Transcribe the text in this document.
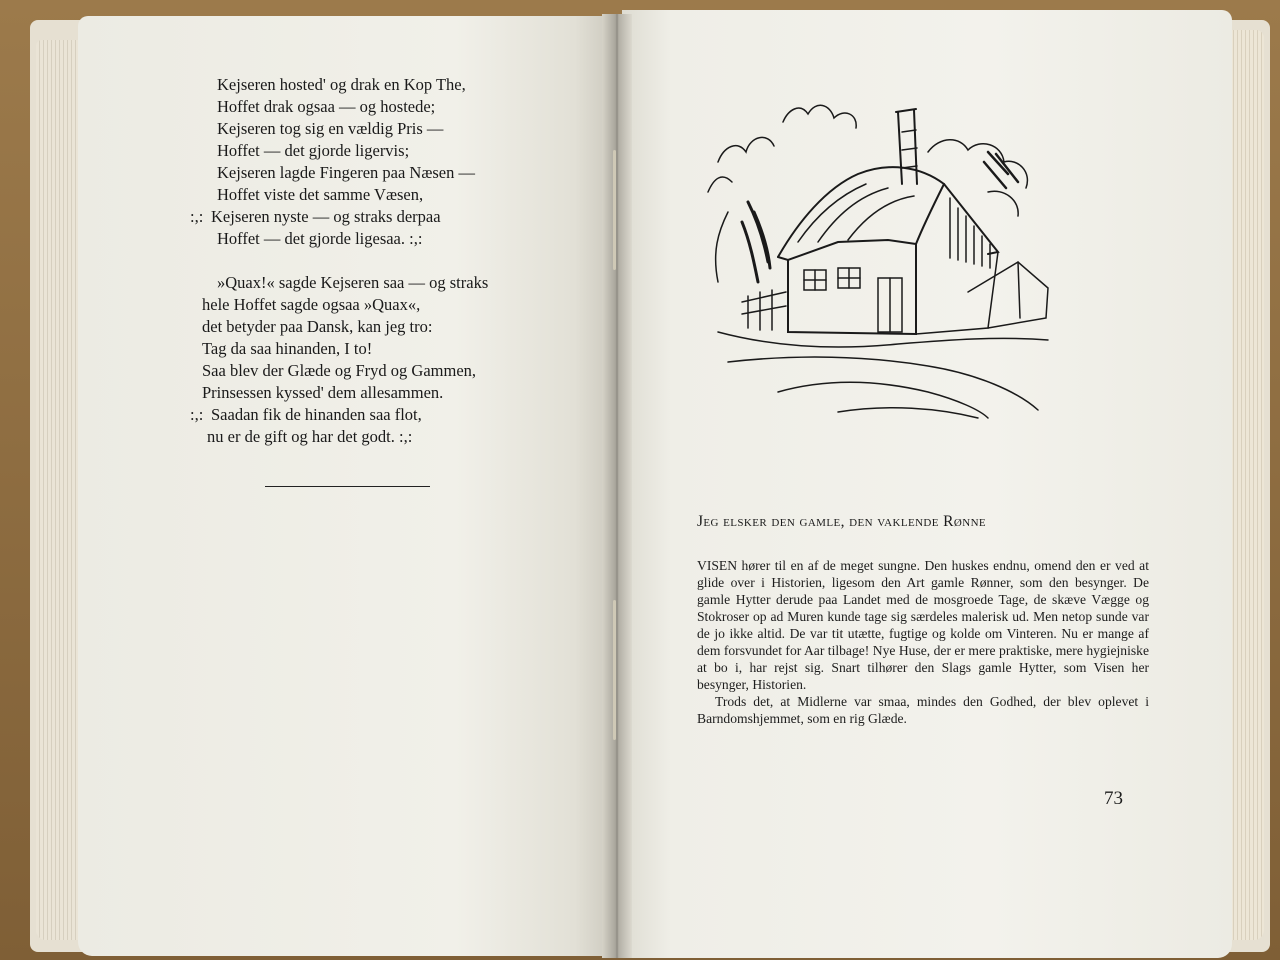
Kejseren hosted' og drak en Kop The,
Hoffet drak ogsaa — og hostede;
Kejseren tog sig en vældig Pris —
Hoffet — det gjorde ligervis;
Kejseren lagde Fingeren paa Næsen —
Hoffet viste det samme Væsen,
:,: Kejseren nyste — og straks derpaa
Hoffet — det gjorde ligesaa. :,:
»Quax!« sagde Kejseren saa — og straks
hele Hoffet sagde ogsaa »Quax«,
det betyder paa Dansk, kan jeg tro:
Tag da saa hinanden, I to!
Saa blev der Glæde og Fryd og Gammen,
Prinsessen kyssed' dem allesammen.
:,: Saadan fik de hinanden saa flot,
nu er de gift og har det godt. :,:
Jeg elsker den gamle, den vaklende Rønne

VISEN hører til en af de meget sungne. Den huskes endnu, omend den er ved at glide over i Historien, ligesom den Art gamle Rønner, som den besynger. De gamle Hytter derude paa Landet med de mosgroede Tage, de skæve Vægge og Stokroser op ad Muren kunde tage sig særdeles malerisk ud. Men netop sunde var de jo ikke altid. De var tit utætte, fugtige og kolde om Vinteren. Nu er mange af dem forsvundet for Aar tilbage! Nye Huse, der er mere praktiske, mere hygiejniske at bo i, har rejst sig. Snart tilhører den Slags gamle Hytter, som Visen her besynger, Historien.

Trods det, at Midlerne var smaa, mindes den Godhed, der blev oplevet i Barndomshjemmet, som en rig Glæde.

73
